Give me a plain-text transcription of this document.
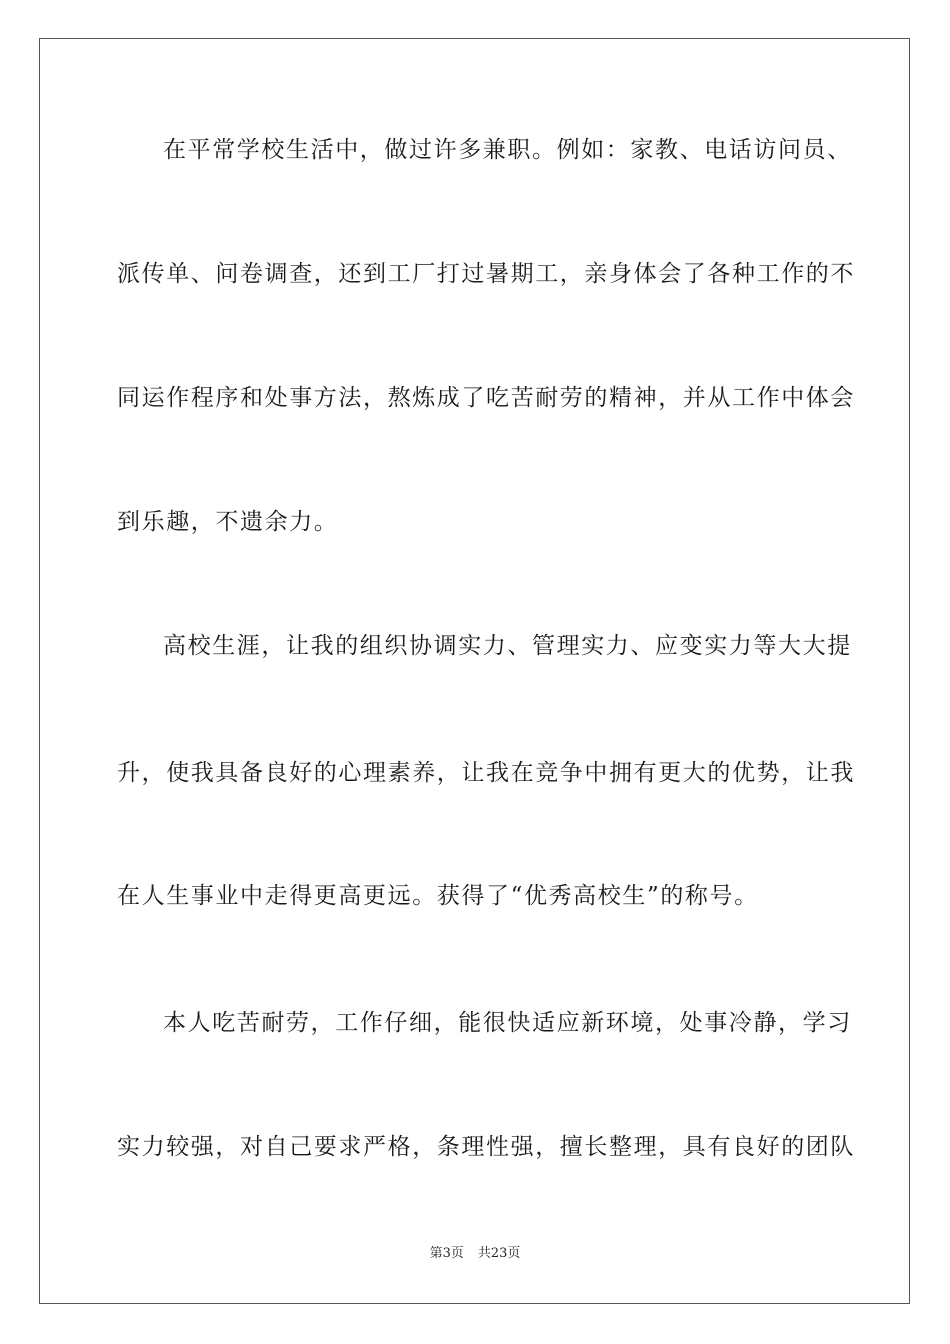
在平常学校生活中，做过许多兼职。例如：家教、电话访问员、
派传单、问卷调查，还到工厂打过暑期工，亲身体会了各种工作的不
同运作程序和处事方法，熬炼成了吃苦耐劳的精神，并从工作中体会
到乐趣，不遗余力。
高校生涯，让我的组织协调实力、管理实力、应变实力等大大提
升，使我具备良好的心理素养，让我在竞争中拥有更大的优势，让我
在人生事业中走得更高更远。获得了“优秀高校生”的称号。
本人吃苦耐劳，工作仔细，能很快适应新环境，处事冷静，学习
实力较强，对自己要求严格，条理性强，擅长整理，具有良好的团队
第3页 共23页
